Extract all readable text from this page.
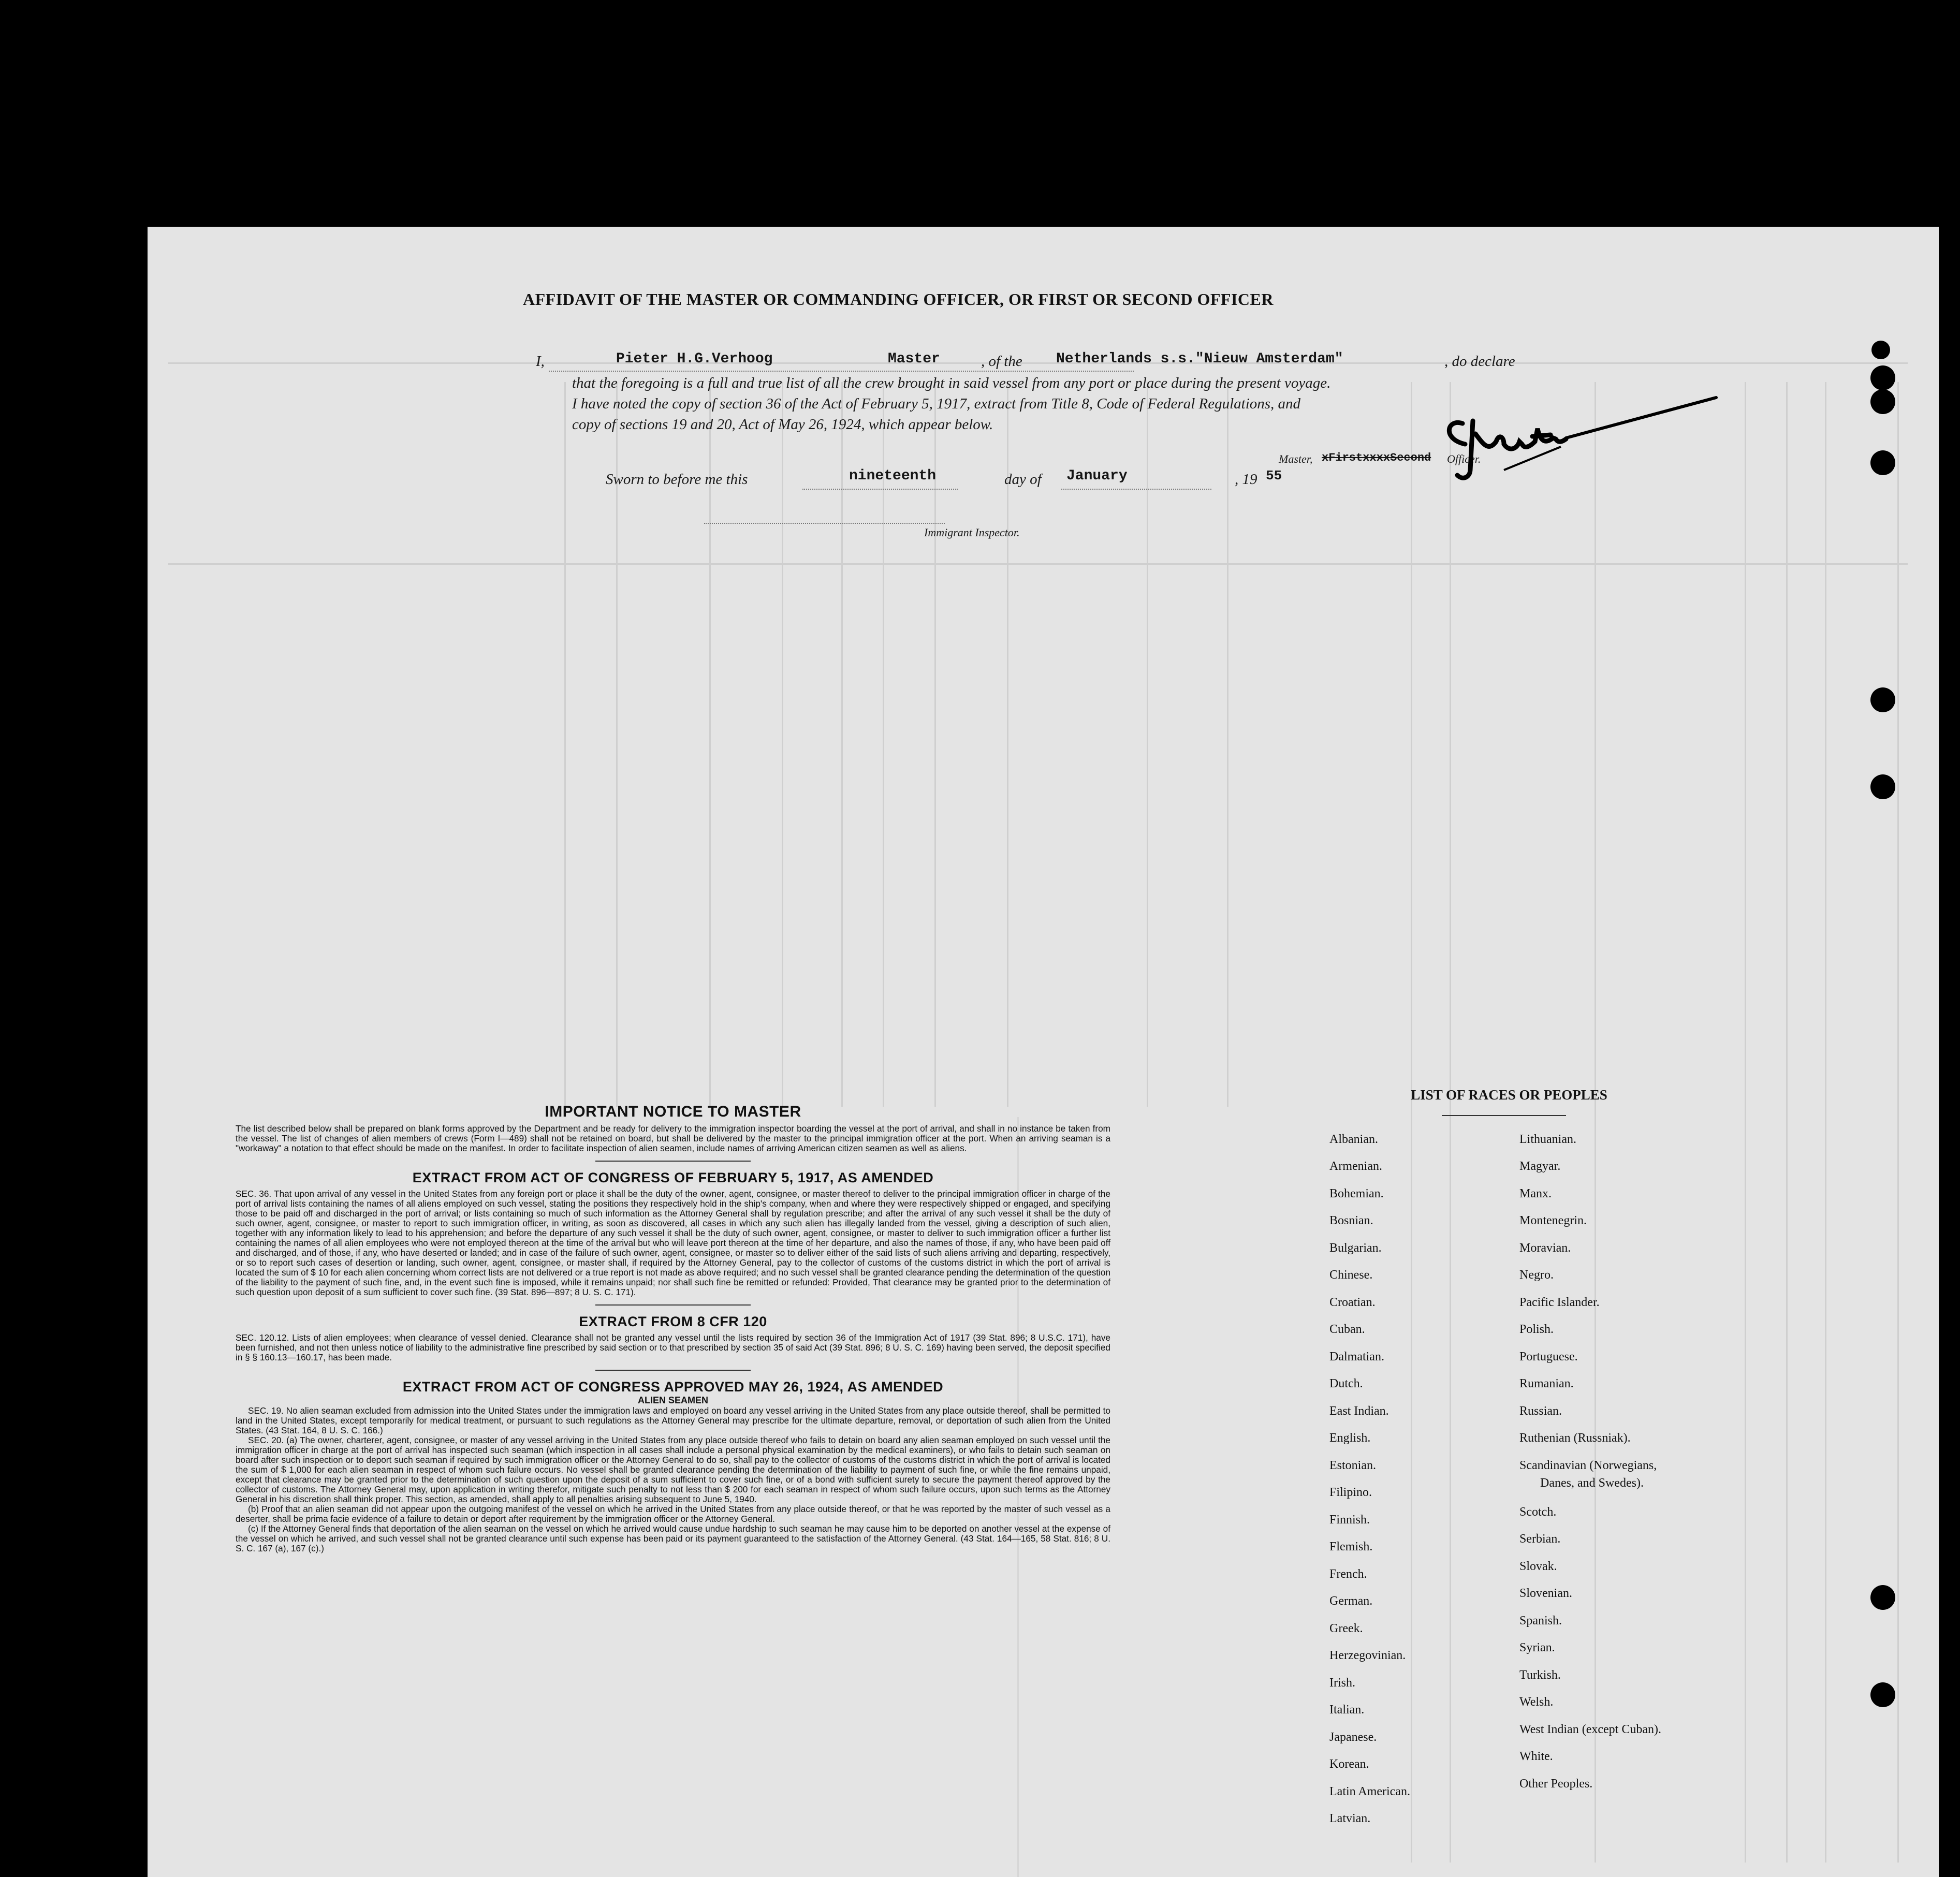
AFFIDAVIT OF THE MASTER OR COMMANDING OFFICER, OR FIRST OR SECOND OFFICER
I,	Pieter H.G.Verhoog	Master	, of the Netherlands s.s."Nieuw Amsterdam"	, do declare
that the foregoing is a full and true list of all the crew brought in said vessel from any port or place during the present voyage.
I have noted the copy of section 36 of the Act of February 5, 1917, extract from Title 8, Code of Federal Regulations, and
copy of sections 19 and 20, Act of May 26, 1924, which appear below.
Sworn to before me this	nineteenth	day of January	, 19 55
Master, xFirstxxxxSecond Officer.
Immigrant Inspector.
IMPORTANT NOTICE TO MASTER

The list described below shall be prepared on blank forms approved by the Department and be ready for delivery to the immigration inspector boarding the vessel at the port of arrival, and shall in no instance be taken from the vessel. The list of changes of alien members of crews (Form I—489) shall not be retained on board, but shall be delivered by the master to the principal immigration officer at the port. When an arriving seaman is a "workaway" a notation to that effect should be made on the manifest. In order to facilitate inspection of alien seamen, include names of arriving American citizen seamen as well as aliens.

EXTRACT FROM ACT OF CONGRESS OF FEBRUARY 5, 1917, AS AMENDED

SEC. 36. That upon arrival of any vessel in the United States from any foreign port or place it shall be the duty of the owner, agent, consignee, or master thereof to deliver to the principal immigration officer in charge of the port of arrival lists containing the names of all aliens employed on such vessel, stating the positions they respectively hold in the ship's company, when and where they were respectively shipped or engaged, and specifying those to be paid off and discharged in the port of arrival; or lists containing so much of such information as the Attorney General shall by regulation prescribe; and after the arrival of any such vessel it shall be the duty of such owner, agent, consignee, or master to report to such immigration officer, in writing, as soon as discovered, all cases in which any such alien has illegally landed from the vessel, giving a description of such alien, together with any information likely to lead to his apprehension; and before the departure of any such vessel it shall be the duty of such owner, agent, consignee, or master to deliver to such immigration officer a further list containing the names of all alien employees who were not employed thereon at the time of the arrival but who will leave port thereon at the time of her departure, and also the names of those, if any, who have been paid off and discharged, and of those, if any, who have deserted or landed; and in case of the failure of such owner, agent, consignee, or master so to deliver either of the said lists of such aliens arriving and departing, respectively, or so to report such cases of desertion or landing, such owner, agent, consignee, or master shall, if required by the Attorney General, pay to the collector of customs of the customs district in which the port of arrival is located the sum of $ 10 for each alien concerning whom correct lists are not delivered or a true report is not made as above required; and no such vessel shall be granted clearance pending the determination of the question of the liability to the payment of such fine, and, in the event such fine is imposed, while it remains unpaid; nor shall such fine be remitted or refunded: Provided, That clearance may be granted prior to the determination of such question upon deposit of a sum sufficient to cover such fine. (39 Stat. 896—897; 8 U. S. C. 171).

EXTRACT FROM 8 CFR 120

SEC. 120.12. Lists of alien employees; when clearance of vessel denied. Clearance shall not be granted any vessel until the lists required by section 36 of the Immigration Act of 1917 (39 Stat. 896; 8 U.S.C. 171), have been furnished, and not then unless notice of liability to the administrative fine prescribed by said section or to that prescribed by section 35 of said Act (39 Stat. 896; 8 U. S. C. 169) having been served, the deposit specified in § § 160.13—160.17, has been made.

EXTRACT FROM ACT OF CONGRESS APPROVED MAY 26, 1924, AS AMENDED
ALIEN SEAMEN

SEC. 19. No alien seaman excluded from admission into the United States under the immigration laws and employed on board any vessel arriving in the United States from any place outside thereof, shall be permitted to land in the United States, except temporarily for medical treatment, or pursuant to such regulations as the Attorney General may prescribe for the ultimate departure, removal, or deportation of such alien from the United States. (43 Stat. 164, 8 U. S. C. 166.)

SEC. 20. (a) The owner, charterer, agent, consignee, or master of any vessel arriving in the United States from any place outside thereof who fails to detain on board any alien seaman employed on such vessel until the immigration officer in charge at the port of arrival has inspected such seaman (which inspection in all cases shall include a personal physical examination by the medical examiners), or who fails to detain such seaman on board after such inspection or to deport such seaman if required by such immigration officer or the Attorney General to do so, shall pay to the collector of customs of the customs district in which the port of arrival is located the sum of $ 1,000 for each alien seaman in respect of whom such failure occurs. No vessel shall be granted clearance pending the determination of the liability to payment of such fine, or while the fine remains unpaid, except that clearance may be granted prior to the determination of such question upon the deposit of a sum sufficient to cover such fine, or of a bond with sufficient surety to secure the payment thereof approved by the collector of customs. The Attorney General may, upon application in writing therefor, mitigate such penalty to not less than $ 200 for each seaman in respect of whom such failure occurs, upon such terms as the Attorney General in his discretion shall think proper. This section, as amended, shall apply to all penalties arising subsequent to June 5, 1940.

(b) Proof that an alien seaman did not appear upon the outgoing manifest of the vessel on which he arrived in the United States from any place outside thereof, or that he was reported by the master of such vessel as a deserter, shall be prima facie evidence of a failure to detain or deport after requirement by the immigration officer or the Attorney General.

(c) If the Attorney General finds that deportation of the alien seaman on the vessel on which he arrived would cause undue hardship to such seaman he may cause him to be deported on another vessel at the expense of the vessel on which he arrived, and such vessel shall not be granted clearance until such expense has been paid or its payment guaranteed to the satisfaction of the Attorney General. (43 Stat. 164—165, 58 Stat. 816; 8 U. S. C. 167 (a), 167 (c).)

LIST OF RACES OR PEOPLES
Albanian.
Armenian.
Bohemian.
Bosnian.
Bulgarian.
Chinese.
Croatian.
Cuban.
Dalmatian.
Dutch.
East Indian.
English.
Estonian.
Filipino.
Finnish.
Flemish.
French.
German.
Greek.
Herzegovinian.
Irish.
Italian.
Japanese.
Korean.
Latin American.
Latvian.
Lithuanian.
Magyar.
Manx.
Montenegrin.
Moravian.
Negro.
Pacific Islander.
Polish.
Portuguese.
Rumanian.
Russian.
Ruthenian (Russniak).
Scandinavian (Norwegians,
Danes, and Swedes).
Scotch.
Serbian.
Slovak.
Slovenian.
Spanish.
Syrian.
Turkish.
Welsh.
West Indian (except Cuban).
White.
Other Peoples.
